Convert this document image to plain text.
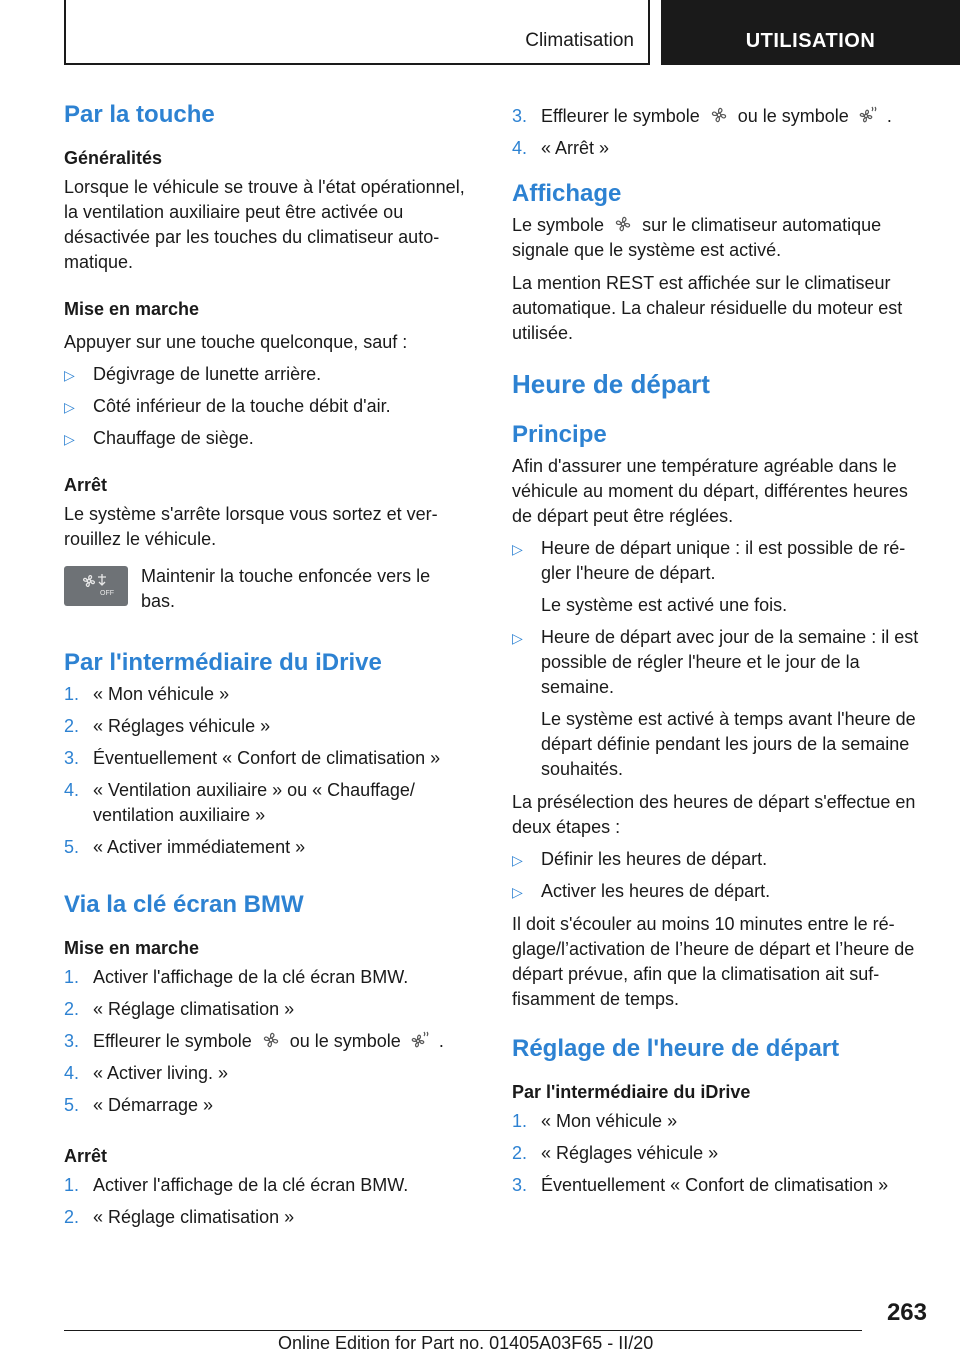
Climatisation	UTILISATION
Par la touche
Généralités

Lorsque le véhicule se trouve à l'état opérationnel, la ventilation auxiliaire peut être activée ou désactivée par les touches du climatiseur automatique.

Mise en marche

Appuyer sur une touche quelconque, sauf :

▷ Dégivrage de lunette arrière.
▷ Côté inférieur de la touche débit d'air.
▷ Chauffage de siège.
Arrêt

Le système s'arrête lorsque vous sortez et verrouillez le véhicule.

OFF
Maintenir la touche enfoncée vers le bas.
Par l'intermédiaire du iDrive
1. « Mon véhicule »
2. « Réglages véhicule »
3. Éventuellement « Confort de climatisation »
4. « Ventilation auxiliaire » ou « Chauffage/ ventilation auxiliaire »
5. « Activer immédiatement »
Via la clé écran BMW
Mise en marche
1. Activer l'affichage de la clé écran BMW.
2. « Réglage climatisation »
3. Effleurer le symbole ou le symbole .
4. « Activer living. »
5. « Démarrage »
Arrêt
1. Activer l'affichage de la clé écran BMW.
2. « Réglage climatisation »
3. Effleurer le symbole ou le symbole .
4. « Arrêt »
Affichage

Le symbole sur le climatiseur automatique signale que le système est activé.

La mention REST est affichée sur le climatiseur automatique. La chaleur résiduelle du moteur est utilisée.

Heure de départ
Principe

Afin d'assurer une température agréable dans le véhicule au moment du départ, différentes heures de départ peut être réglées.

▷ Heure de départ unique : il est possible de régler l'heure de départ.
Le système est activé une fois.
▷ Heure de départ avec jour de la semaine : il est possible de régler l'heure et le jour de la semaine.
Le système est activé à temps avant l'heure de départ définie pendant les jours de la semaine souhaités.

La présélection des heures de départ s'effectue en deux étapes :

▷ Définir les heures de départ.
▷ Activer les heures de départ.

Il doit s'écouler au moins 10 minutes entre le réglage/l’activation de l’heure de départ et l’heure de départ prévue, afin que la climatisation ait suffisamment de temps.

Réglage de l'heure de départ
Par l'intermédiaire du iDrive
1. « Mon véhicule »
2. « Réglages véhicule »
3. Éventuellement « Confort de climatisation »
263
Online Edition for Part no. 01405A03F65 - II/20
